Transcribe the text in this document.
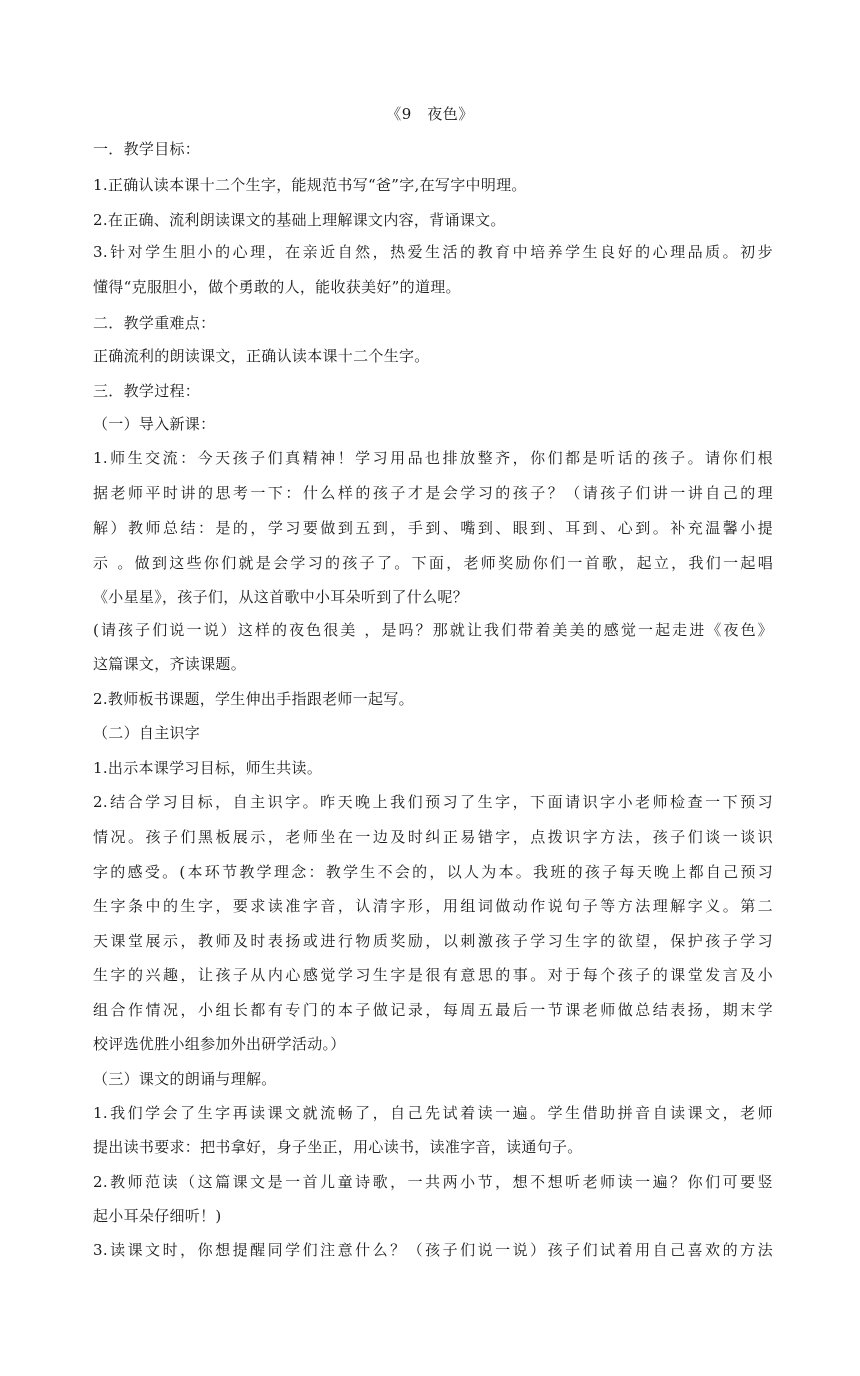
《9　夜色》
一．教学目标：
1.正确认读本课十二个生字，能规范书写“爸”字,在写字中明理。
2.在正确、流利朗读课文的基础上理解课文内容，背诵课文。
3.针对学生胆小的心理，在亲近自然，热爱生活的教育中培养学生良好的心理品质。初步
懂得“克服胆小，做个勇敢的人，能收获美好”的道理。
二．教学重难点：
正确流利的朗读课文，正确认读本课十二个生字。
三．教学过程：
（一）导入新课：
1.师生交流：今天孩子们真精神！学习用品也排放整齐，你们都是听话的孩子。请你们根
据老师平时讲的思考一下：什么样的孩子才是会学习的孩子？（请孩子们讲一讲自己的理
解）教师总结：是的，学习要做到五到，手到、嘴到、眼到、耳到、心到。补充温馨小提
示 。做到这些你们就是会学习的孩子了。下面，老师奖励你们一首歌，起立，我们一起唱
《小星星》，孩子们，从这首歌中小耳朵听到了什么呢？
(请孩子们说一说）这样的夜色很美 ，是吗？那就让我们带着美美的感觉一起走进《夜色》
这篇课文，齐读课题。
2.教师板书课题，学生伸出手指跟老师一起写。
（二）自主识字
1.出示本课学习目标，师生共读。
2.结合学习目标，自主识字。昨天晚上我们预习了生字，下面请识字小老师检查一下预习
情况。孩子们黑板展示，老师坐在一边及时纠正易错字，点拨识字方法，孩子们谈一谈识
字的感受。(本环节教学理念：教学生不会的，以人为本。我班的孩子每天晚上都自己预习
生字条中的生字，要求读准字音，认清字形，用组词做动作说句子等方法理解字义。第二
天课堂展示，教师及时表扬或进行物质奖励，以刺激孩子学习生字的欲望，保护孩子学习
生字的兴趣，让孩子从内心感觉学习生字是很有意思的事。对于每个孩子的课堂发言及小
组合作情况，小组长都有专门的本子做记录，每周五最后一节课老师做总结表扬，期末学
校评选优胜小组参加外出研学活动。）
（三）课文的朗诵与理解。
1.我们学会了生字再读课文就流畅了，自己先试着读一遍。学生借助拼音自读课文，老师
提出读书要求：把书拿好，身子坐正，用心读书，读准字音，读通句子。
2.教师范读（这篇课文是一首儿童诗歌，一共两小节，想不想听老师读一遍？你们可要竖
起小耳朵仔细听！)
3.读课文时，你想提醒同学们注意什么？（孩子们说一说）孩子们试着用自己喜欢的方法
